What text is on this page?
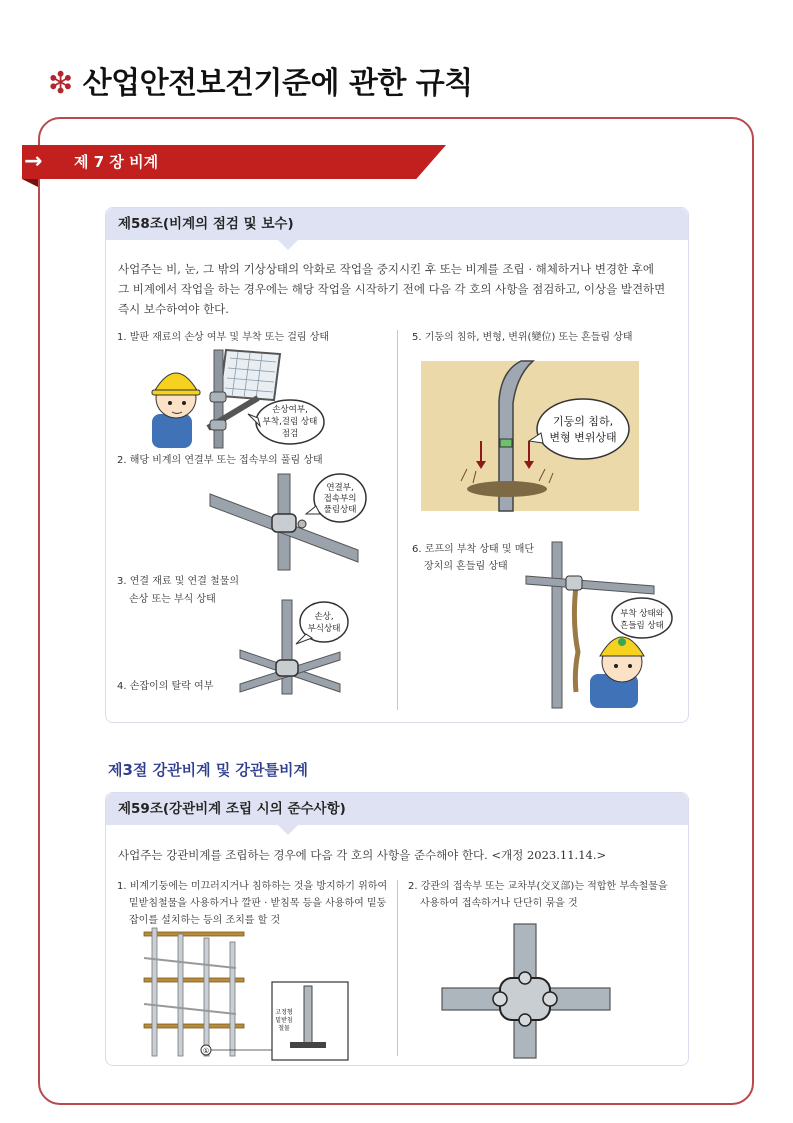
❇ 산업안전보건기준에 관한 규칙
→ 제 7 장 비계
제58조(비계의 점검 및 보수)
사업주는 비, 눈, 그 밖의 기상상태의 악화로 작업을 중지시킨 후 또는 비계를 조립 · 해체하거나 변경한 후에
그 비계에서 작업을 하는 경우에는 해당 작업을 시작하기 전에 다음 각 호의 사항을 점검하고, 이상을 발견하면
즉시 보수하여야 한다.
1. 발판 재료의 손상 여부 및 부착 또는 걸림 상태
2. 해당 비계의 연결부 또는 접속부의 풀림 상태
3. 연결 재료 및 연결 철물의
손상 또는 부식 상태
4. 손잡이의 탈락 여부
5. 기둥의 침하, 변형, 변위(變位) 또는 흔들림 상태
6. 로프의 부착 상태 및 매단
장치의 흔들림 상태
손상여부,
부착,걸림 상태
점검
연결부,
접속부의
풀림상태
손상,
부식상태
기둥의 침하,
변형 변위상태
부착 상태와
흔들림 상태
제3절 강관비계 및 강관틀비계
제59조(강관비계 조립 시의 준수사항)
사업주는 강관비계를 조립하는 경우에 다음 각 호의 사항을 준수해야 한다. <개정 2023.11.14.>
1. 비계기둥에는 미끄러지거나 침하하는 것을 방지하기 위하여
밑받침철물을 사용하거나 깔판 · 받침목 등을 사용하여 밑둥
잡이를 설치하는 등의 조치를 할 것
2. 강관의 접속부 또는 교차부(交叉部)는 적합한 부속철물을
사용하여 접속하거나 단단히 묶을 것
①
고정형
밑받침
철물
